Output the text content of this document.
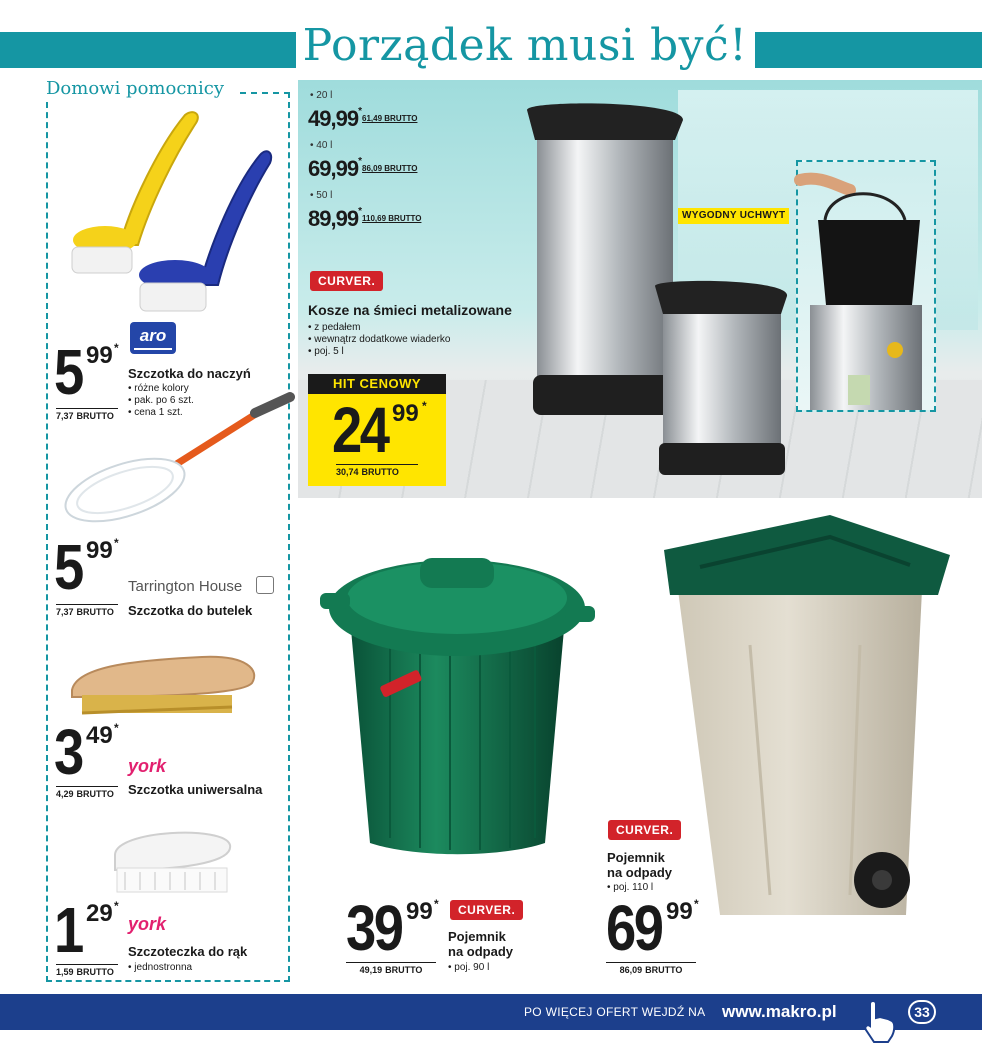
Porządek musi być!
Domowi pomocnicy
aro
5 99 *
7,37 BRUTTO
Szczotka do naczyń
• różne kolory
• pak. po 6 szt.
• cena 1 szt.
5 99 *
7,37 BRUTTO
Tarrington House
Szczotka do butelek
3 49 *
4,29 BRUTTO
york
Szczotka uniwersalna
1 29 *
1,59 BRUTTO
york
Szczoteczka do rąk
• jednostronna
• 20 l
49,99*
61,49 BRUTTO
• 40 l
69,99*
86,09 BRUTTO
• 50 l
89,99*
110,69 BRUTTO
CURVER.
Kosze na śmieci metalizowane
• z pedałem
• wewnątrz dodatkowe wiaderko
• poj. 5 l
HIT CENOWY
24 99 *
30,74 BRUTTO
WYGODNY UCHWYT
39 99 *
49,19 BRUTTO
CURVER.
Pojemnik
na odpady
• poj. 90 l
CURVER.
Pojemnik
na odpady
• poj. 110 l
69 99 *
86,09 BRUTTO
PO WIĘCEJ OFERT WEJDŹ NA www.makro.pl	33
